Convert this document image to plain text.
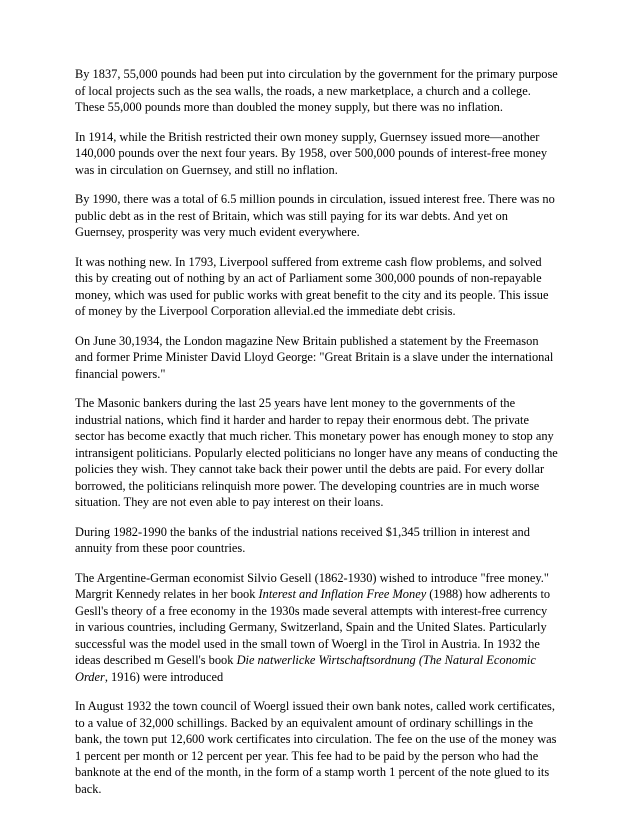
By 1837, 55,000 pounds had been put into circulation by the government for the primary purpose
of local projects such as the sea walls, the roads, a new marketplace, a church and a college.
These 55,000 pounds more than doubled the money supply, but there was no inflation.

In 1914, while the British restricted their own money supply, Guernsey issued more—another
140,000 pounds over the next four years. By 1958, over 500,000 pounds of interest-free money
was in circulation on Guernsey, and still no inflation.

By 1990, there was a total of 6.5 million pounds in circulation, issued interest free. There was no
public debt as in the rest of Britain, which was still paying for its war debts. And yet on
Guernsey, prosperity was very much evident everywhere.

It was nothing new. In 1793, Liverpool suffered from extreme cash flow problems, and solved
this by creating out of nothing by an act of Parliament some 300,000 pounds of non-repayable
money, which was used for public works with great benefit to the city and its people. This issue
of money by the Liverpool Corporation allevial.ed the immediate debt crisis.

On June 30,1934, the London magazine New Britain published a statement by the Freemason
and former Prime Minister David Lloyd George: "Great Britain is a slave under the international
financial powers."

The Masonic bankers during the last 25 years have lent money to the governments of the
industrial nations, which find it harder and harder to repay their enormous debt. The private
sector has become exactly that much richer. This monetary power has enough money to stop any
intransigent politicians. Popularly elected politicians no longer have any means of conducting the
policies they wish. They cannot take back their power until the debts are paid. For every dollar
borrowed, the politicians relinquish more power. The developing countries are in much worse
situation. They are not even able to pay interest on their loans.

During 1982-1990 the banks of the industrial nations received $1,345 trillion in interest and
annuity from these poor countries.

The Argentine-German economist Silvio Gesell (1862-1930) wished to introduce "free money."
Margrit Kennedy relates in her book Interest and Inflation Free Money (1988) how adherents to
Gesll's theory of a free economy in the 1930s made several attempts with interest-free currency
in various countries, including Germany, Switzerland, Spain and the United Slates. Particularly
successful was the model used in the small town of Woergl in the Tirol in Austria. In 1932 the
ideas described m Gesell's book Die natwerlicke Wirtschaftsordnung (The Natural Economic
Order, 1916) were introduced

In August 1932 the town council of Woergl issued their own bank notes, called work certificates,
to a value of 32,000 schillings. Backed by an equivalent amount of ordinary schillings in the
bank, the town put 12,600 work certificates into circulation. The fee on the use of the money was
1 percent per month or 12 percent per year. This fee had to be paid by the person who had the
banknote at the end of the month, in the form of a stamp worth 1 percent of the note glued to its
back.
